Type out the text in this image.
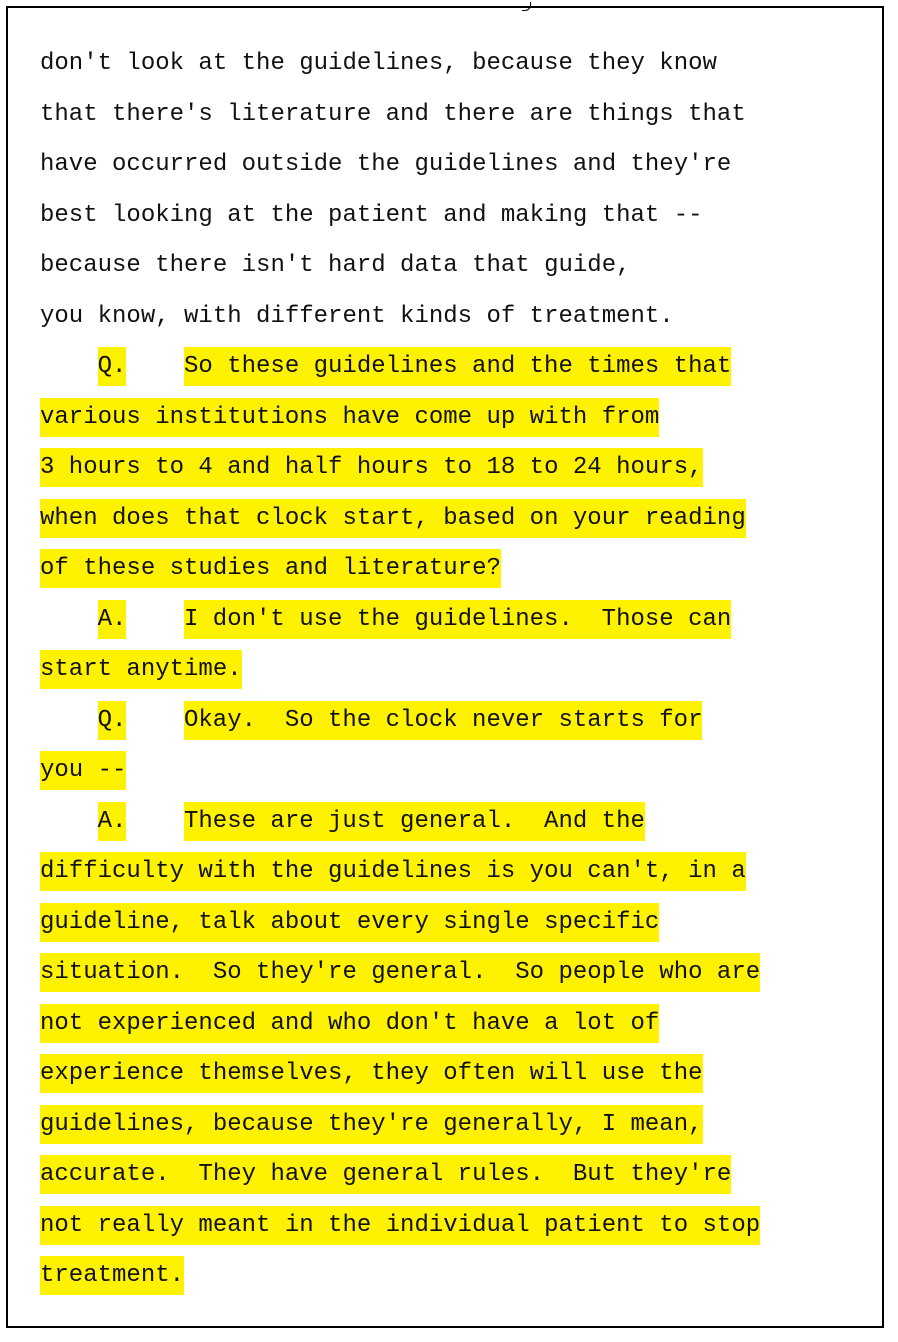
don't look at the guidelines, because they know
that there's literature and there are things that
have occurred outside the guidelines and they're
best looking at the patient and making that --
because there isn't hard data that guide,
you know, with different kinds of treatment.
Q. So these guidelines and the times that
various institutions have come up with from
3 hours to 4 and half hours to 18 to 24 hours,
when does that clock start, based on your reading
of these studies and literature?
A. I don't use the guidelines.  Those can
start anytime.
Q. Okay.  So the clock never starts for
you --
A. These are just general.  And the
difficulty with the guidelines is you can't, in a
guideline, talk about every single specific
situation.  So they're general.  So people who are
not experienced and who don't have a lot of
experience themselves, they often will use the
guidelines, because they're generally, I mean,
accurate.  They have general rules.  But they're
not really meant in the individual patient to stop
treatment.
